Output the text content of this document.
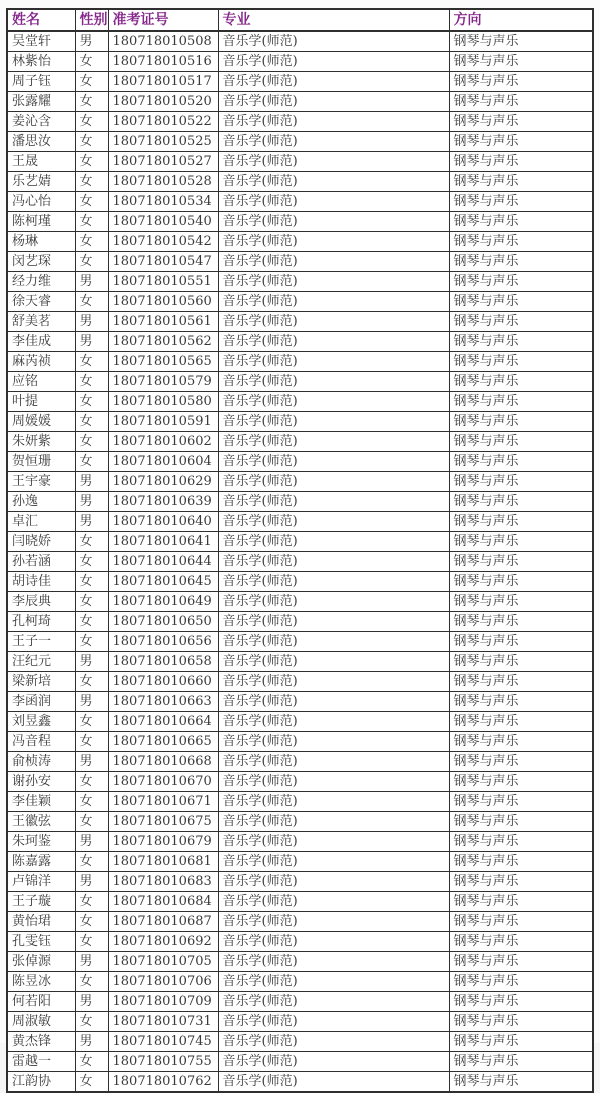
姓名	性别	准考证号	专业	方向
吴堂轩	男	180718010508	音乐学(师范)	钢琴与声乐
林紫怡	女	180718010516	音乐学(师范)	钢琴与声乐
周子钰	女	180718010517	音乐学(师范)	钢琴与声乐
张露耀	女	180718010520	音乐学(师范)	钢琴与声乐
姜沁含	女	180718010522	音乐学(师范)	钢琴与声乐
潘思汝	女	180718010525	音乐学(师范)	钢琴与声乐
王晟	女	180718010527	音乐学(师范)	钢琴与声乐
乐艺婧	女	180718010528	音乐学(师范)	钢琴与声乐
冯心怡	女	180718010534	音乐学(师范)	钢琴与声乐
陈柯瑾	女	180718010540	音乐学(师范)	钢琴与声乐
杨琳	女	180718010542	音乐学(师范)	钢琴与声乐
闵艺琛	女	180718010547	音乐学(师范)	钢琴与声乐
经力维	男	180718010551	音乐学(师范)	钢琴与声乐
徐天睿	女	180718010560	音乐学(师范)	钢琴与声乐
舒美茗	男	180718010561	音乐学(师范)	钢琴与声乐
李佳成	男	180718010562	音乐学(师范)	钢琴与声乐
麻芮祯	女	180718010565	音乐学(师范)	钢琴与声乐
应铭	女	180718010579	音乐学(师范)	钢琴与声乐
叶提	女	180718010580	音乐学(师范)	钢琴与声乐
周媛媛	女	180718010591	音乐学(师范)	钢琴与声乐
朱妍紫	女	180718010602	音乐学(师范)	钢琴与声乐
贺恒珊	女	180718010604	音乐学(师范)	钢琴与声乐
王宇豪	男	180718010629	音乐学(师范)	钢琴与声乐
孙逸	男	180718010639	音乐学(师范)	钢琴与声乐
卓汇	男	180718010640	音乐学(师范)	钢琴与声乐
闫晓娇	女	180718010641	音乐学(师范)	钢琴与声乐
孙若涵	女	180718010644	音乐学(师范)	钢琴与声乐
胡诗佳	女	180718010645	音乐学(师范)	钢琴与声乐
李辰典	女	180718010649	音乐学(师范)	钢琴与声乐
孔柯琦	女	180718010650	音乐学(师范)	钢琴与声乐
王子一	女	180718010656	音乐学(师范)	钢琴与声乐
汪纪元	男	180718010658	音乐学(师范)	钢琴与声乐
梁新培	女	180718010660	音乐学(师范)	钢琴与声乐
李函润	男	180718010663	音乐学(师范)	钢琴与声乐
刘昱鑫	女	180718010664	音乐学(师范)	钢琴与声乐
冯音程	女	180718010665	音乐学(师范)	钢琴与声乐
俞桢涛	男	180718010668	音乐学(师范)	钢琴与声乐
谢孙安	女	180718010670	音乐学(师范)	钢琴与声乐
李佳颖	女	180718010671	音乐学(师范)	钢琴与声乐
王徽弦	女	180718010675	音乐学(师范)	钢琴与声乐
朱珂鉴	男	180718010679	音乐学(师范)	钢琴与声乐
陈嘉露	女	180718010681	音乐学(师范)	钢琴与声乐
卢锦洋	男	180718010683	音乐学(师范)	钢琴与声乐
王子璇	女	180718010684	音乐学(师范)	钢琴与声乐
黄怡珺	女	180718010687	音乐学(师范)	钢琴与声乐
孔雯钰	女	180718010692	音乐学(师范)	钢琴与声乐
张倬源	男	180718010705	音乐学(师范)	钢琴与声乐
陈昱冰	女	180718010706	音乐学(师范)	钢琴与声乐
何若阳	男	180718010709	音乐学(师范)	钢琴与声乐
周淑敏	女	180718010731	音乐学(师范)	钢琴与声乐
黄杰锋	男	180718010745	音乐学(师范)	钢琴与声乐
雷越一	女	180718010755	音乐学(师范)	钢琴与声乐
江韵协	女	180718010762	音乐学(师范)	钢琴与声乐
